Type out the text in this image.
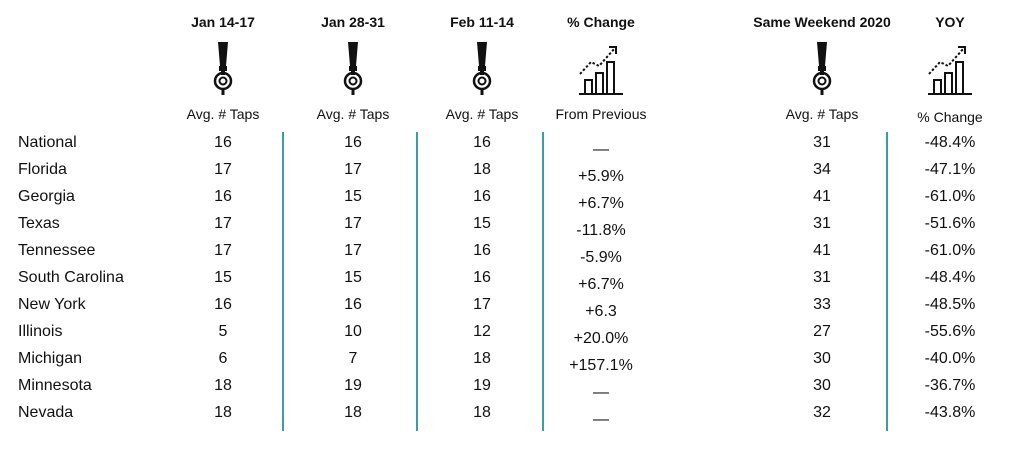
Jan 14-17
Avg. # Taps
Jan 28-31
Avg. # Taps
Feb 11-14
Avg. # Taps
% Change
From Previous
Same Weekend 2020
Avg. # Taps
YOY
% Change
National	16	16	16	—	31	-48.4%
Florida	17	17	18	+5.9%	34	-47.1%
Georgia	16	15	16	+6.7%	41	-61.0%
Texas	17	17	15	-11.8%	31	-51.6%
Tennessee	17	17	16	-5.9%	41	-61.0%
South Carolina	15	15	16	+6.7%	31	-48.4%
New York	16	16	17	+6.3	33	-48.5%
Illinois	5	10	12	+20.0%	27	-55.6%
Michigan	6	7	18	+157.1%	30	-40.0%
Minnesota	18	19	19	—	30	-36.7%
Nevada	18	18	18	—	32	-43.8%
